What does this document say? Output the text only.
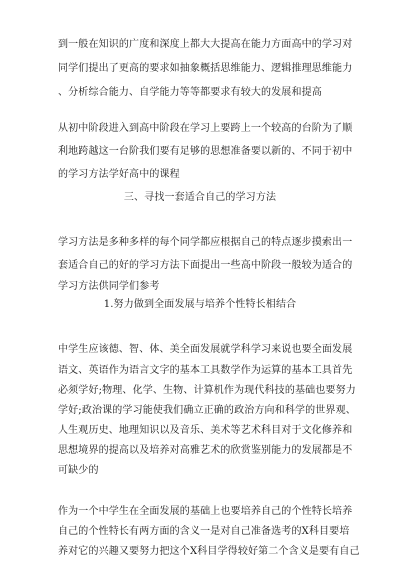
到一般在知识的广度和深度上都大大提高在能力方面高中的学习对
同学们提出了更高的要求如抽象概括思维能力、逻辑推理思维能力
、分析综合能力、自学能力等等都要求有较大的发展和提高
从初中阶段进入到高中阶段在学习上要跨上一个较高的台阶为了顺
利地跨越这一台阶我们要有足够的思想准备要以新的、不同于初中
的学习方法学好高中的课程
三、寻找一套适合自己的学习方法
学习方法是多种多样的每个同学都应根据自己的特点逐步摸索出一
套适合自己的好的学习方法下面提出一些高中阶段一般较为适合的
学习方法供同学们参考
1.努力做到全面发展与培养个性特长相结合
中学生应该德、智、体、美全面发展就学科学习来说也要全面发展
语文、英语作为语言文字的基本工具数学作为运算的基本工具首先
必须学好;物理、化学、生物、计算机作为现代科技的基础也要努力
学好;政治课的学习能使我们确立正确的政治方向和科学的世界观、
人生观历史、地理知识以及音乐、美术等艺术科目对于文化修养和
思想境界的提高以及培养对高雅艺术的欣赏鉴别能力的发展都是不
可缺少的
作为一个中学生在全面发展的基础上也要培养自己的个性特长培养
自己的个性特长有两方面的含义一是对自己准备选考的X科目要培
养对它的兴趣又要努力把这个X科目学得较好第二个含义是要有自己
